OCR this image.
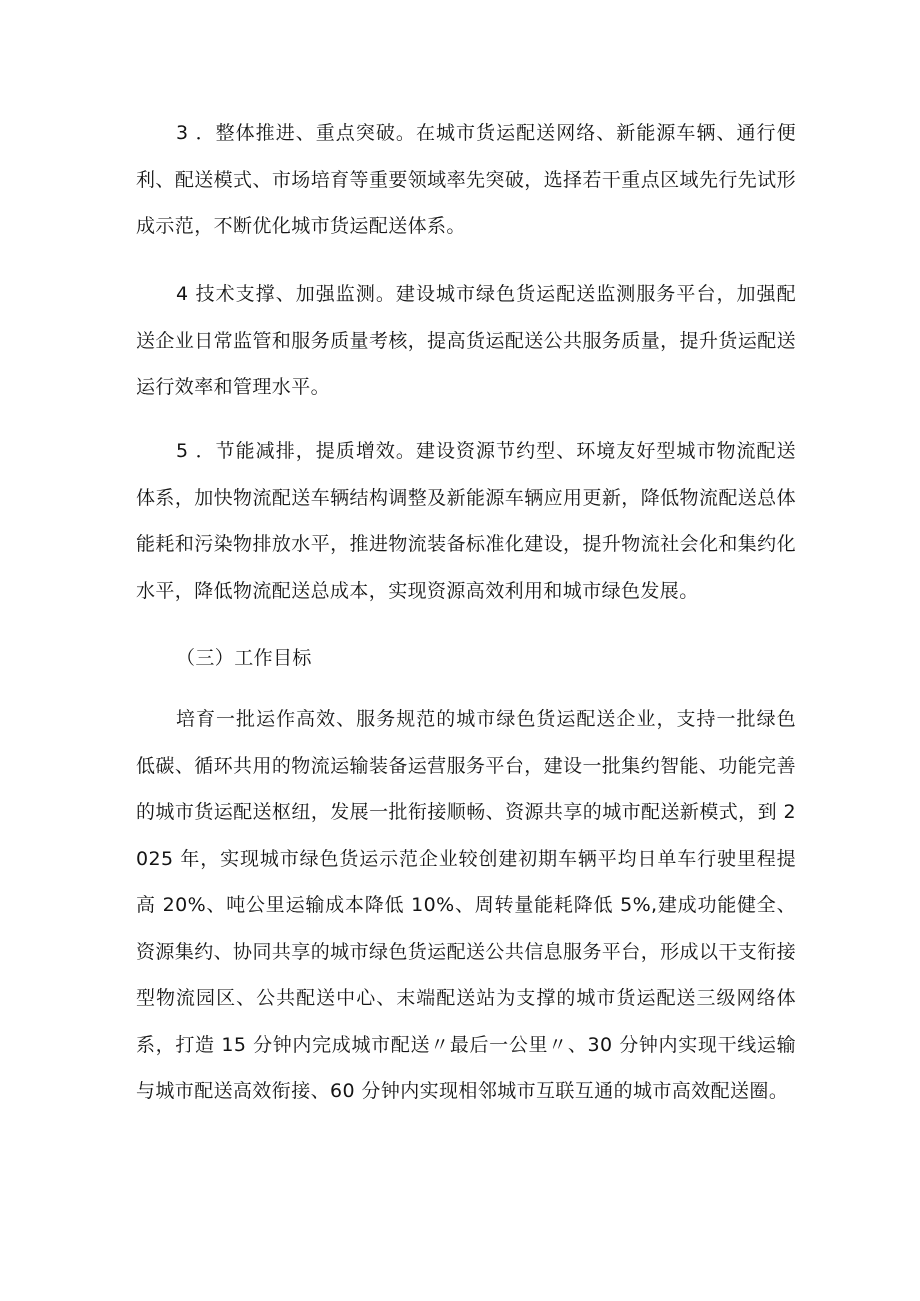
3 ．整体推进、重点突破。在城市货运配送网络、新能源车辆、通行便利、配送模式、市场培育等重要领域率先突破，选择若干重点区域先行先试形成示范，不断优化城市货运配送体系。

4 技术支撑、加强监测。建设城市绿色货运配送监测服务平台，加强配送企业日常监管和服务质量考核，提高货运配送公共服务质量，提升货运配送运行效率和管理水平。

5 ．节能减排，提质增效。建设资源节约型、环境友好型城市物流配送体系，加快物流配送车辆结构调整及新能源车辆应用更新，降低物流配送总体能耗和污染物排放水平，推进物流装备标准化建设，提升物流社会化和集约化水平，降低物流配送总成本，实现资源高效利用和城市绿色发展。

（三）工作目标

培育一批运作高效、服务规范的城市绿色货运配送企业，支持一批绿色低碳、循环共用的物流运输装备运营服务平台，建设一批集约智能、功能完善的城市货运配送枢纽，发展一批衔接顺畅、资源共享的城市配送新模式，到 2025 年，实现城市绿色货运示范企业较创建初期车辆平均日单车行驶里程提高 20%、吨公里运输成本降低 10%、周转量能耗降低 5%,建成功能健全、资源集约、协同共享的城市绿色货运配送公共信息服务平台，形成以干支衔接型物流园区、公共配送中心、末端配送站为支撑的城市货运配送三级网络体系，打造 15 分钟内完成城市配送〃最后一公里〃、30 分钟内实现干线运输与城市配送高效衔接、60 分钟内实现相邻城市互联互通的城市高效配送圈。
